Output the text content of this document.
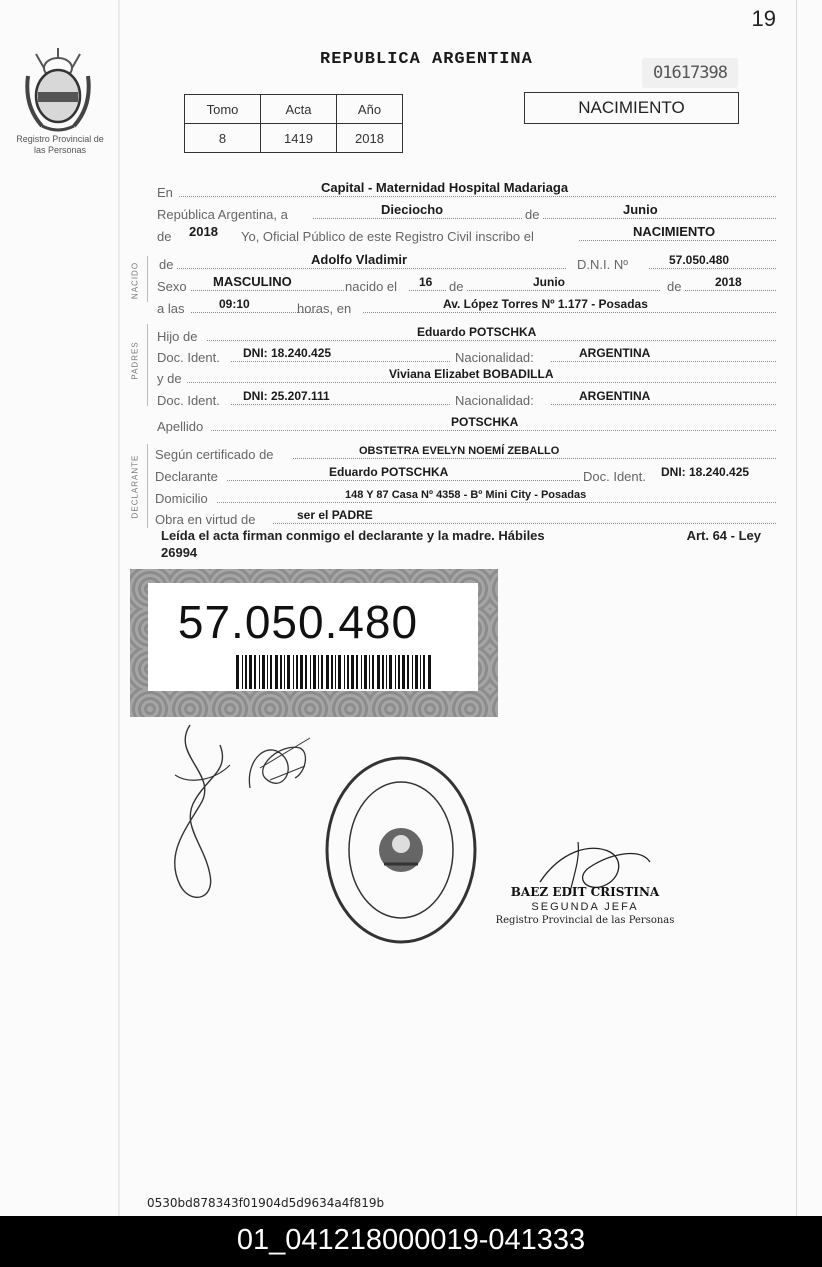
19
Registro Provincial de las Personas
REPUBLICA ARGENTINA
01617398
Tomo	Acta	Año
8	1419	2018
NACIMIENTO
NACIDO
PADRES
DECLARANTE
En	Capital - Maternidad Hospital Madariaga
República Argentina, a	Dieciocho	de	Junio
de 2018 Yo, Oficial Público de este Registro Civil inscribo el	NACIMIENTO
de	Adolfo Vladimir	D.N.I. Nº	57.050.480
Sexo MASCULINO	nacido el 16 de	Junio	de	2018
a las	09:10	horas, en	Av. López Torres Nº 1.177 - Posadas
Hijo de	Eduardo POTSCHKA
Doc. Ident. DNI: 18.240.425	Nacionalidad:	ARGENTINA
y de	Viviana Elizabet BOBADILLA
Doc. Ident. DNI: 25.207.111	Nacionalidad:	ARGENTINA
Apellido	POTSCHKA
Según certificado de	OBSTETRA EVELYN NOEMÍ ZEBALLO
Declarante	Eduardo POTSCHKA	Doc. Ident. DNI: 18.240.425
Domicilio	148 Y 87 Casa Nº 4358 - Bº Mini City - Posadas
Obra en virtud de	ser el PADRE
Leída el acta firman conmigo el declarante y la madre. Hábiles
26994
Art. 64 - Ley
57.050.480
BAEZ EDIT CRISTINA
SEGUNDA JEFA
Registro Provincial de las Personas
0530bd878343f01904d5d9634a4f819b
01_041218000019-041333
